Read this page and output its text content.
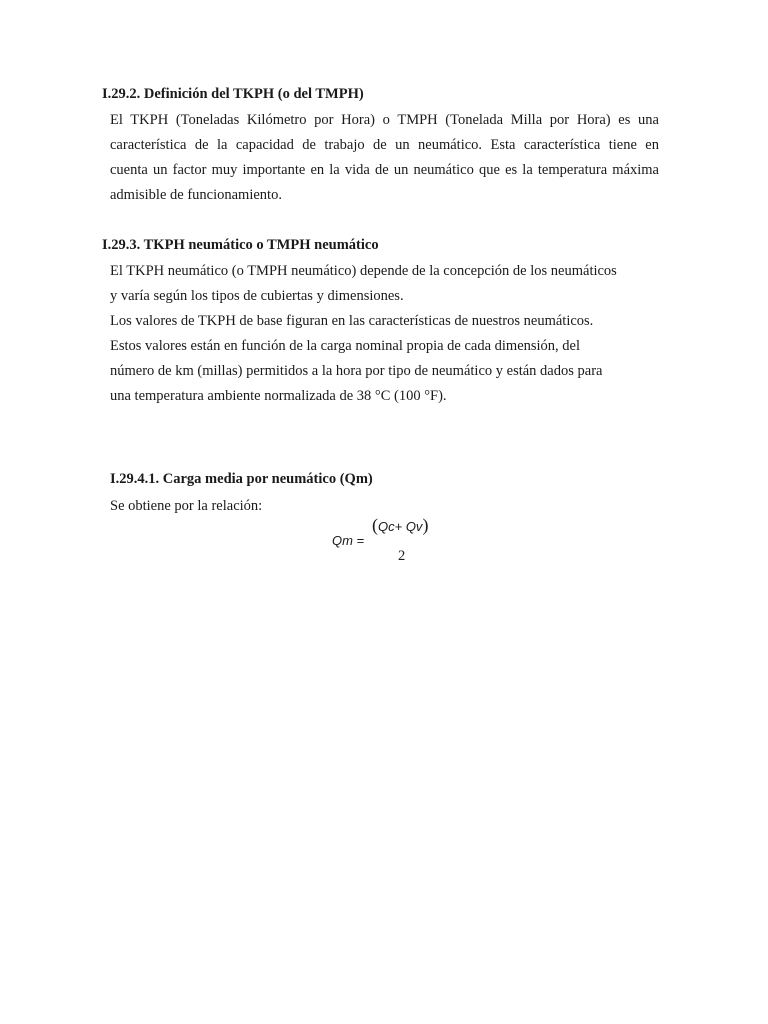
I.29.2. Definición del TKPH (o del TMPH)
El TKPH (Toneladas Kilómetro por Hora) o TMPH (Tonelada Milla por Hora) es una
característica de la capacidad de trabajo de un neumático. Esta característica tiene en
cuenta un factor muy importante en la vida de un neumático que es la temperatura máxima
admisible de funcionamiento.
I.29.3. TKPH neumático o TMPH neumático
El TKPH neumático (o TMPH neumático) depende de la concepción de los neumáticos
y varía según los tipos de cubiertas y dimensiones.
Los valores de TKPH de base figuran en las características de nuestros neumáticos.
Estos valores están en función de la carga nominal propia de cada dimensión, del
número de km (millas) permitidos a la hora por tipo de neumático y están dados para
una temperatura ambiente normalizada de 38 °C (100 °F).
I.29.4.1. Carga media por neumático (Qm)
Se obtiene por la relación:
Qm =
(Qc+ Qv)
2
